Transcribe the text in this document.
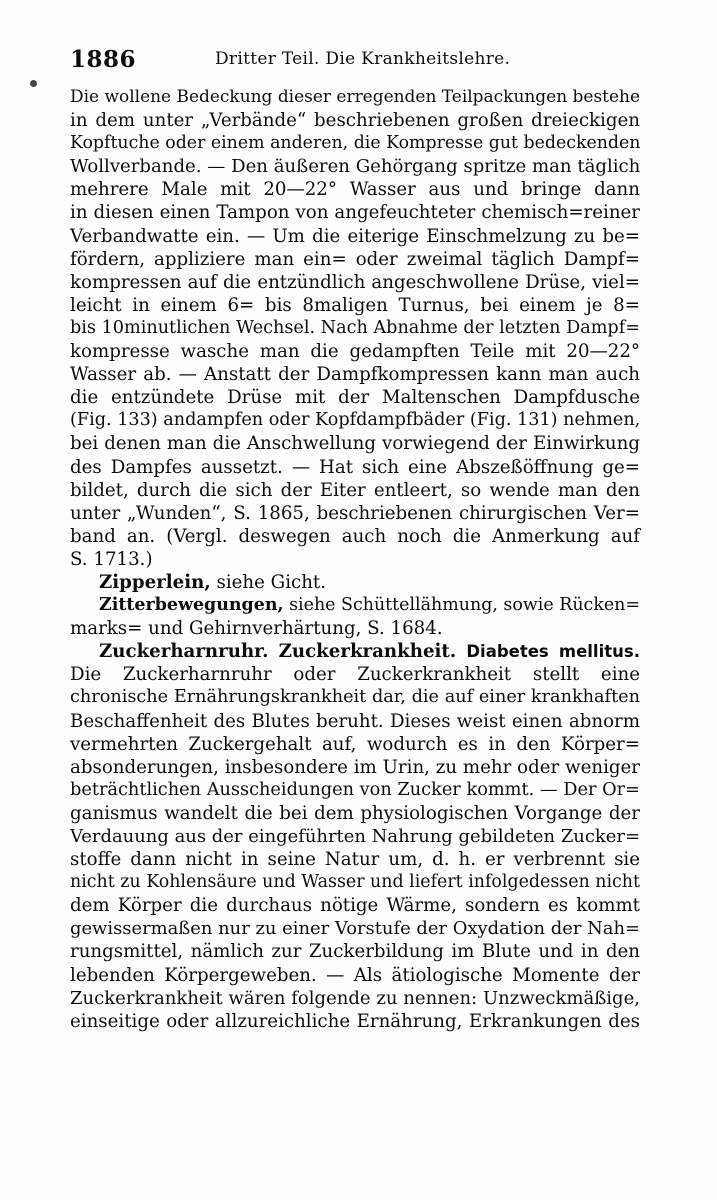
1886	Dritter Teil. Die Krankheitslehre.
Die wollene Bedeckung dieser erregenden Teilpackungen bestehe
in dem unter „Verbände“ beschriebenen großen dreieckigen
Kopftuche oder einem anderen, die Kompresse gut bedeckenden
Wollverbande. — Den äußeren Gehörgang spritze man täglich
mehrere Male mit 20—22° Wasser aus und bringe dann
in diesen einen Tampon von angefeuchteter chemisch=reiner
Verbandwatte ein. — Um die eiterige Einschmelzung zu be=
fördern, appliziere man ein= oder zweimal täglich Dampf=
kompressen auf die entzündlich angeschwollene Drüse, viel=
leicht in einem 6= bis 8maligen Turnus, bei einem je 8=
bis 10minutlichen Wechsel. Nach Abnahme der letzten Dampf=
kompresse wasche man die gedampften Teile mit 20—22°
Wasser ab. — Anstatt der Dampfkompressen kann man auch
die entzündete Drüse mit der Maltenschen Dampfdusche
(Fig. 133) andampfen oder Kopfdampfbäder (Fig. 131) nehmen,
bei denen man die Anschwellung vorwiegend der Einwirkung
des Dampfes aussetzt. — Hat sich eine Abszeßöffnung ge=
bildet, durch die sich der Eiter entleert, so wende man den
unter „Wunden“, S. 1865, beschriebenen chirurgischen Ver=
band an. (Vergl. deswegen auch noch die Anmerkung auf
S. 1713.)
Zipperlein, siehe Gicht.
Zitterbewegungen, siehe Schüttellähmung, sowie Rücken=
marks= und Gehirnverhärtung, S. 1684.
Zuckerharnruhr. Zuckerkrankheit. Diabetes mellitus.
Die Zuckerharnruhr oder Zuckerkrankheit stellt eine
chronische Ernährungskrankheit dar, die auf einer krankhaften
Beschaffenheit des Blutes beruht. Dieses weist einen abnorm
vermehrten Zuckergehalt auf, wodurch es in den Körper=
absonderungen, insbesondere im Urin, zu mehr oder weniger
beträchtlichen Ausscheidungen von Zucker kommt. — Der Or=
ganismus wandelt die bei dem physiologischen Vorgange der
Verdauung aus der eingeführten Nahrung gebildeten Zucker=
stoffe dann nicht in seine Natur um, d. h. er verbrennt sie
nicht zu Kohlensäure und Wasser und liefert infolgedessen nicht
dem Körper die durchaus nötige Wärme, sondern es kommt
gewissermaßen nur zu einer Vorstufe der Oxydation der Nah=
rungsmittel, nämlich zur Zuckerbildung im Blute und in den
lebenden Körpergeweben. — Als ätiologische Momente der
Zuckerkrankheit wären folgende zu nennen: Unzweckmäßige,
einseitige oder allzureichliche Ernährung, Erkrankungen des
